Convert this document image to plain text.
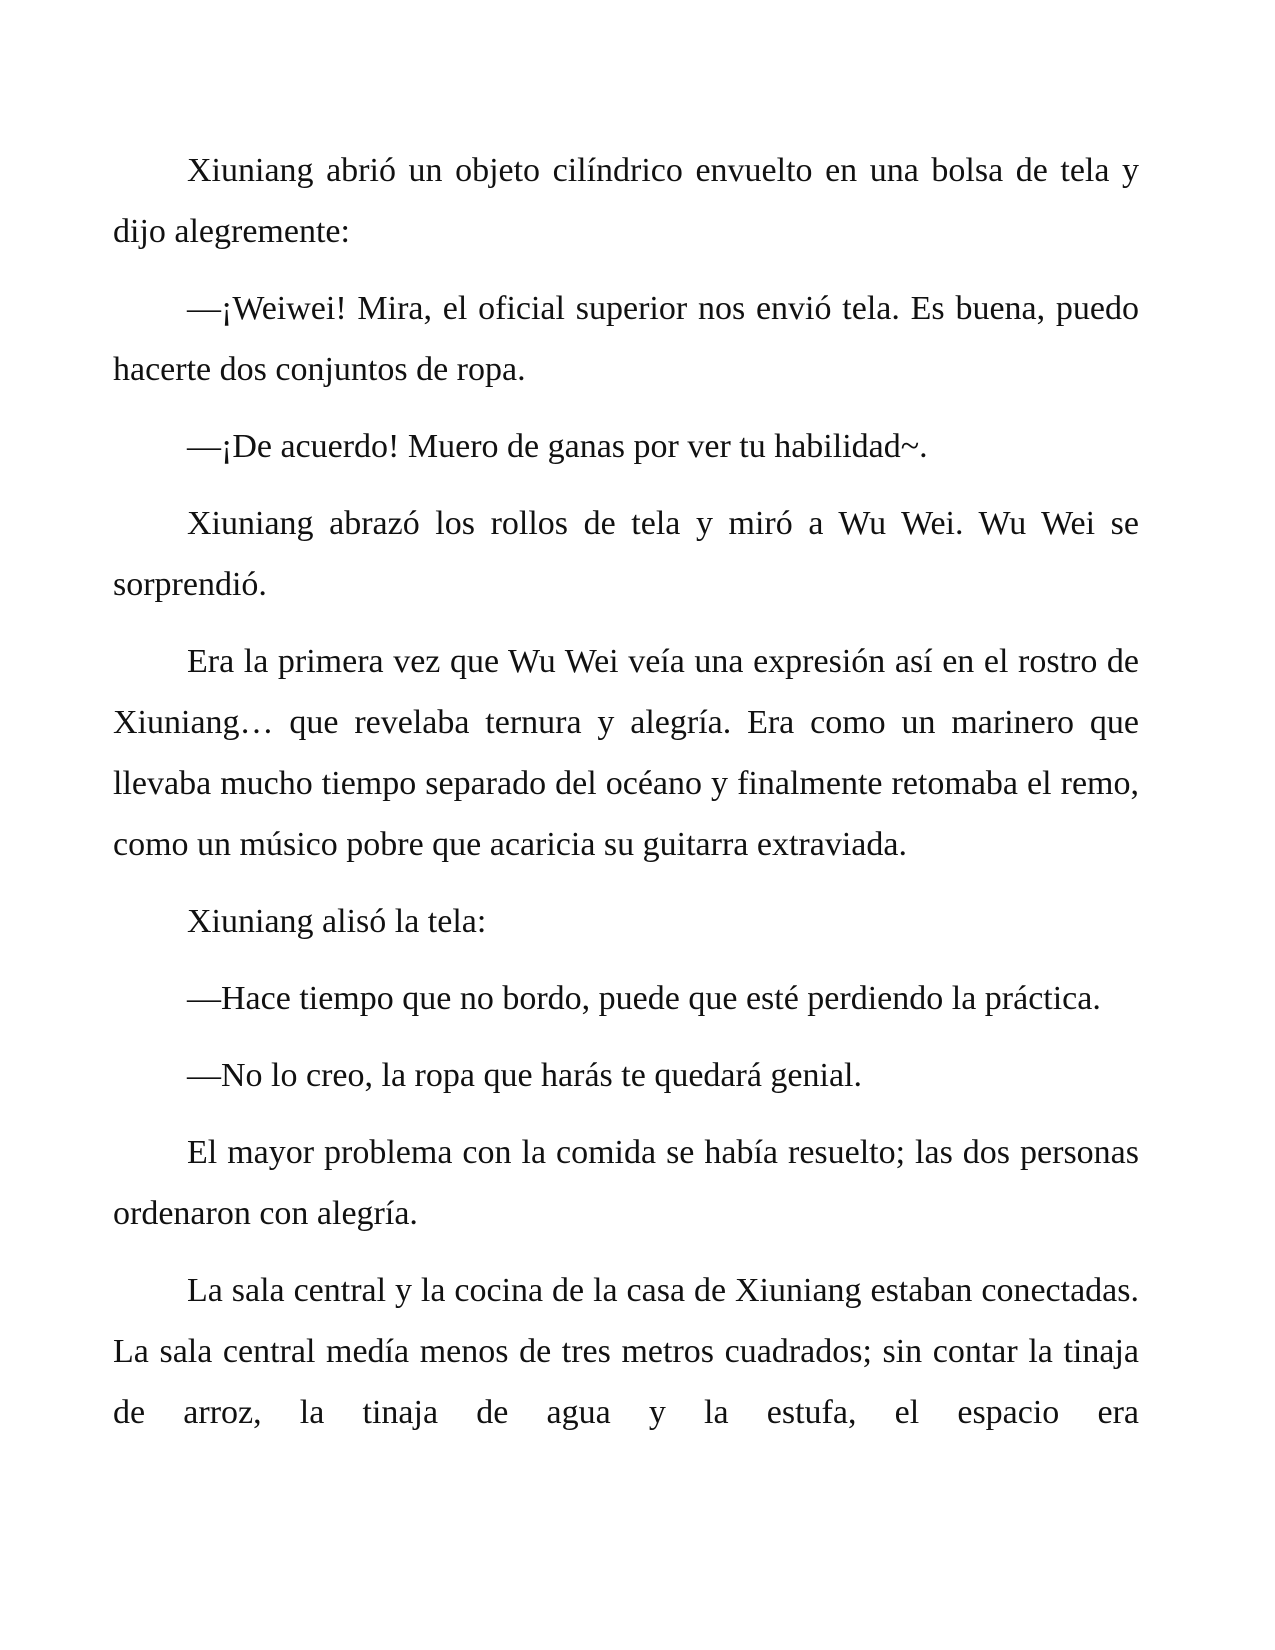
Xiuniang abrió un objeto cilíndrico envuelto en una bolsa de tela y dijo alegremente:

—¡Weiwei! Mira, el oficial superior nos envió tela. Es buena, puedo hacerte dos conjuntos de ropa.

—¡De acuerdo! Muero de ganas por ver tu habilidad~.

Xiuniang abrazó los rollos de tela y miró a Wu Wei. Wu Wei se sorprendió.

Era la primera vez que Wu Wei veía una expresión así en el rostro de Xiuniang… que revelaba ternura y alegría. Era como un marinero que llevaba mucho tiempo separado del océano y finalmente retomaba el remo, como un músico pobre que acaricia su guitarra extraviada.

Xiuniang alisó la tela:

—Hace tiempo que no bordo, puede que esté perdiendo la práctica.

—No lo creo, la ropa que harás te quedará genial.

El mayor problema con la comida se había resuelto; las dos personas ordenaron con alegría.

La sala central y la cocina de la casa de Xiuniang estaban conectadas. La sala central medía menos de tres metros cuadrados; sin contar la tinaja de arroz, la tinaja de agua y la estufa, el espacio era
